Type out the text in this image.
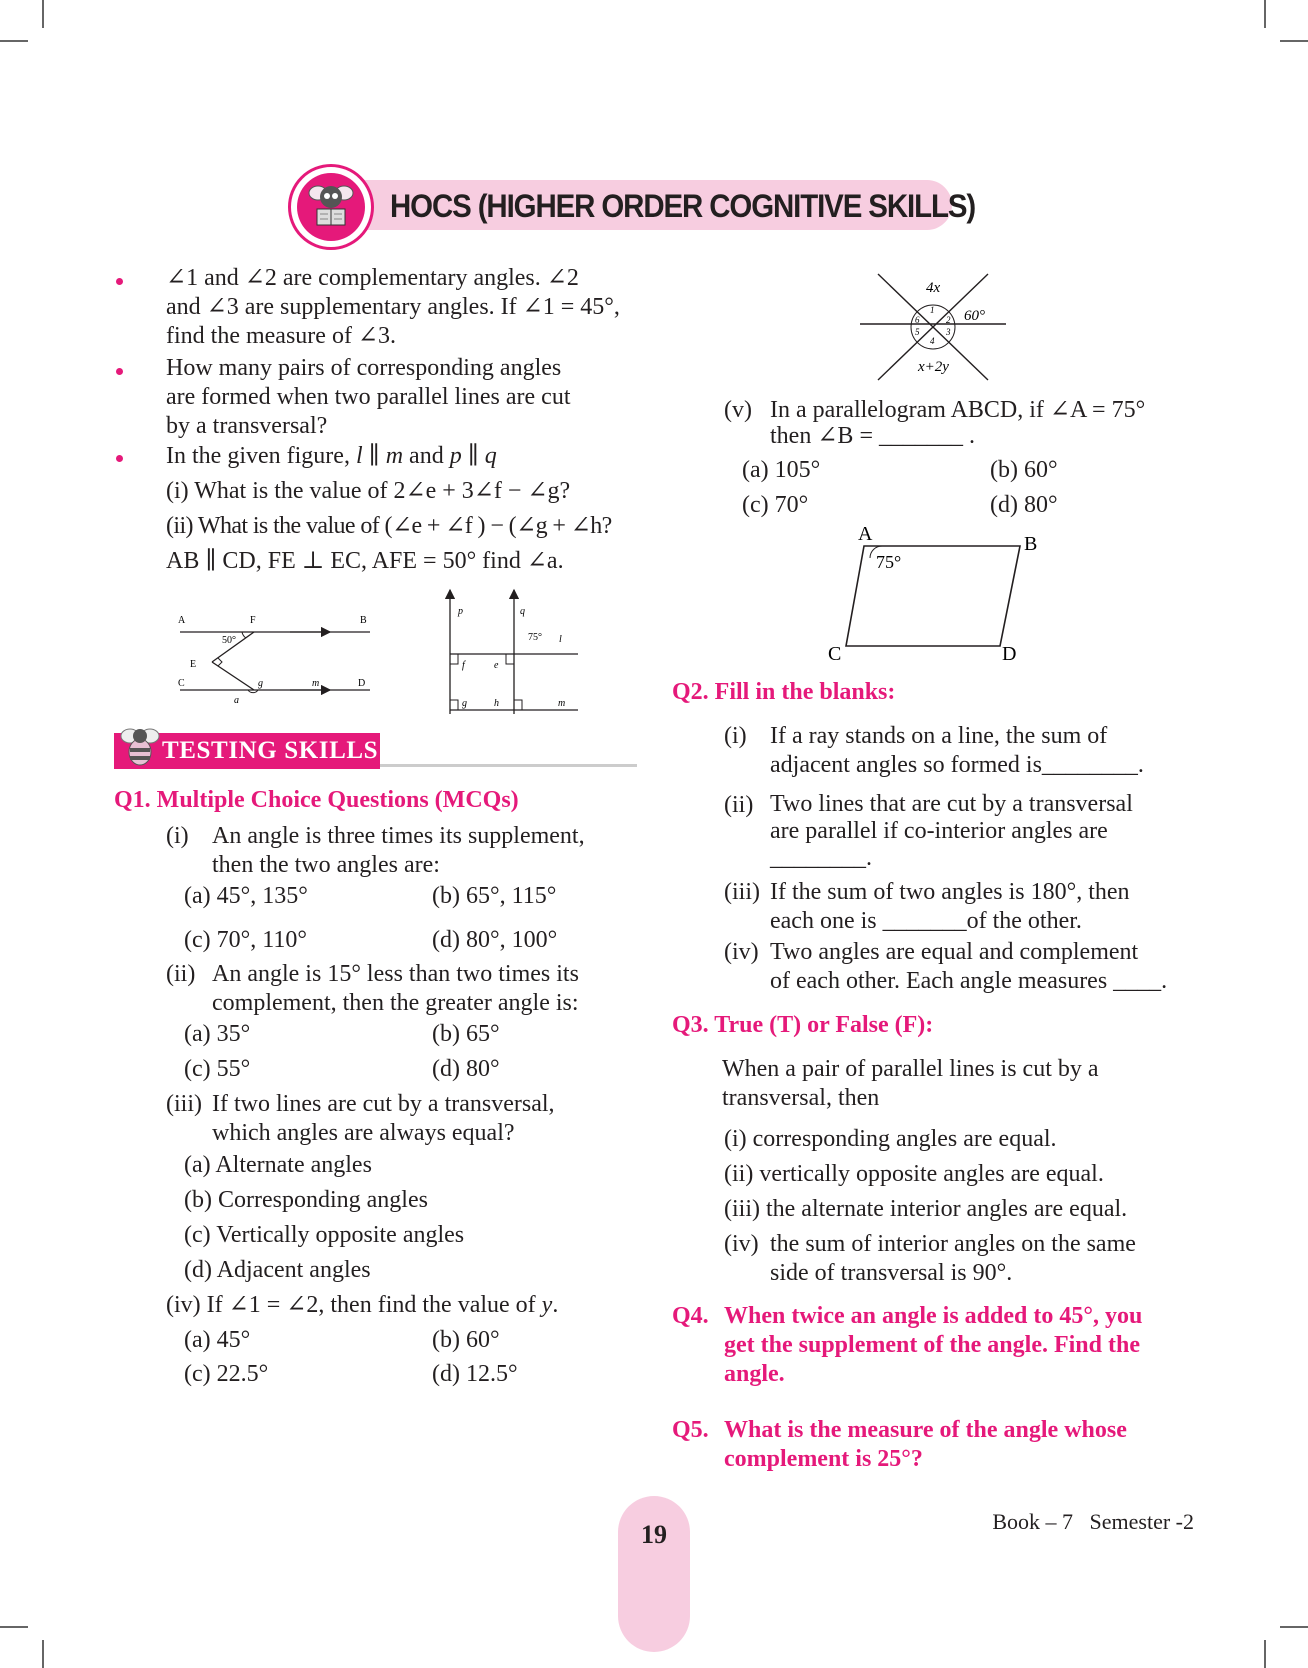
HOCS (HIGHER ORDER COGNITIVE SKILLS)
∠1 and ∠2 are complementary angles. ∠2
and ∠3 are supplementary angles. If ∠1 = 45°,
find the measure of ∠3.
How many pairs of corresponding angles
are formed when two parallel lines are cut
by a transversal?
In the given figure, l ∥ m and p ∥ q
(i) What is the value of 2∠e + 3∠f − ∠g?
(ii) What is the value of (∠e + ∠f ) − (∠g + ∠h?
AB ∥ CD, FE ⊥ EC, AFE = 50° find ∠a.
A	F	B
50°
E
C	g	m	D
a
p	q
75° l
f	e
g	h	m
TESTING SKILLS
Q1. Multiple Choice Questions (MCQs)
(i) An angle is three times its supplement,
then the two angles are:
(a) 45°, 135°	(b) 65°, 115°
(c) 70°, 110°	(d) 80°, 100°
(ii) An angle is 15° less than two times its
complement, then the greater angle is:
(a) 35°	(b) 65°
(c) 55°	(d) 80°
(iii) If two lines are cut by a transversal,
which angles are always equal?
(a) Alternate angles
(b) Corresponding angles
(c) Vertically opposite angles
(d) Adjacent angles
(iv) If ∠1 = ∠2, then find the value of y.
(a) 45°	(b) 60°
(c) 22.5°	(d) 12.5°
4x
60°
x+2y
1
2
3
4
5
6
(v) In a parallelogram ABCD, if ∠A = 75°
then ∠B = _______ .
(a) 105°	(b) 60°
(c) 70°	(d) 80°
A	B
C	D
75°
Q2. Fill in the blanks:
(i) If a ray stands on a line, the sum of
adjacent angles so formed is________.
(ii) Two lines that are cut by a transversal
are parallel if co-interior angles are
________.
(iii) If the sum of two angles is 180°, then
each one is _______of the other.
(iv) Two angles are equal and complement
of each other. Each angle measures ____.
Q3. True (T) or False (F):
When a pair of parallel lines is cut by a
transversal, then
(i) corresponding angles are equal.
(ii) vertically opposite angles are equal.
(iii) the alternate interior angles are equal.
(iv) the sum of interior angles on the same
side of transversal is 90°.
Q4. When twice an angle is added to 45°, you
get the supplement of the angle. Find the
angle.
Q5. What is the measure of the angle whose
complement is 25°?
19	Book – 7   Semester -2
